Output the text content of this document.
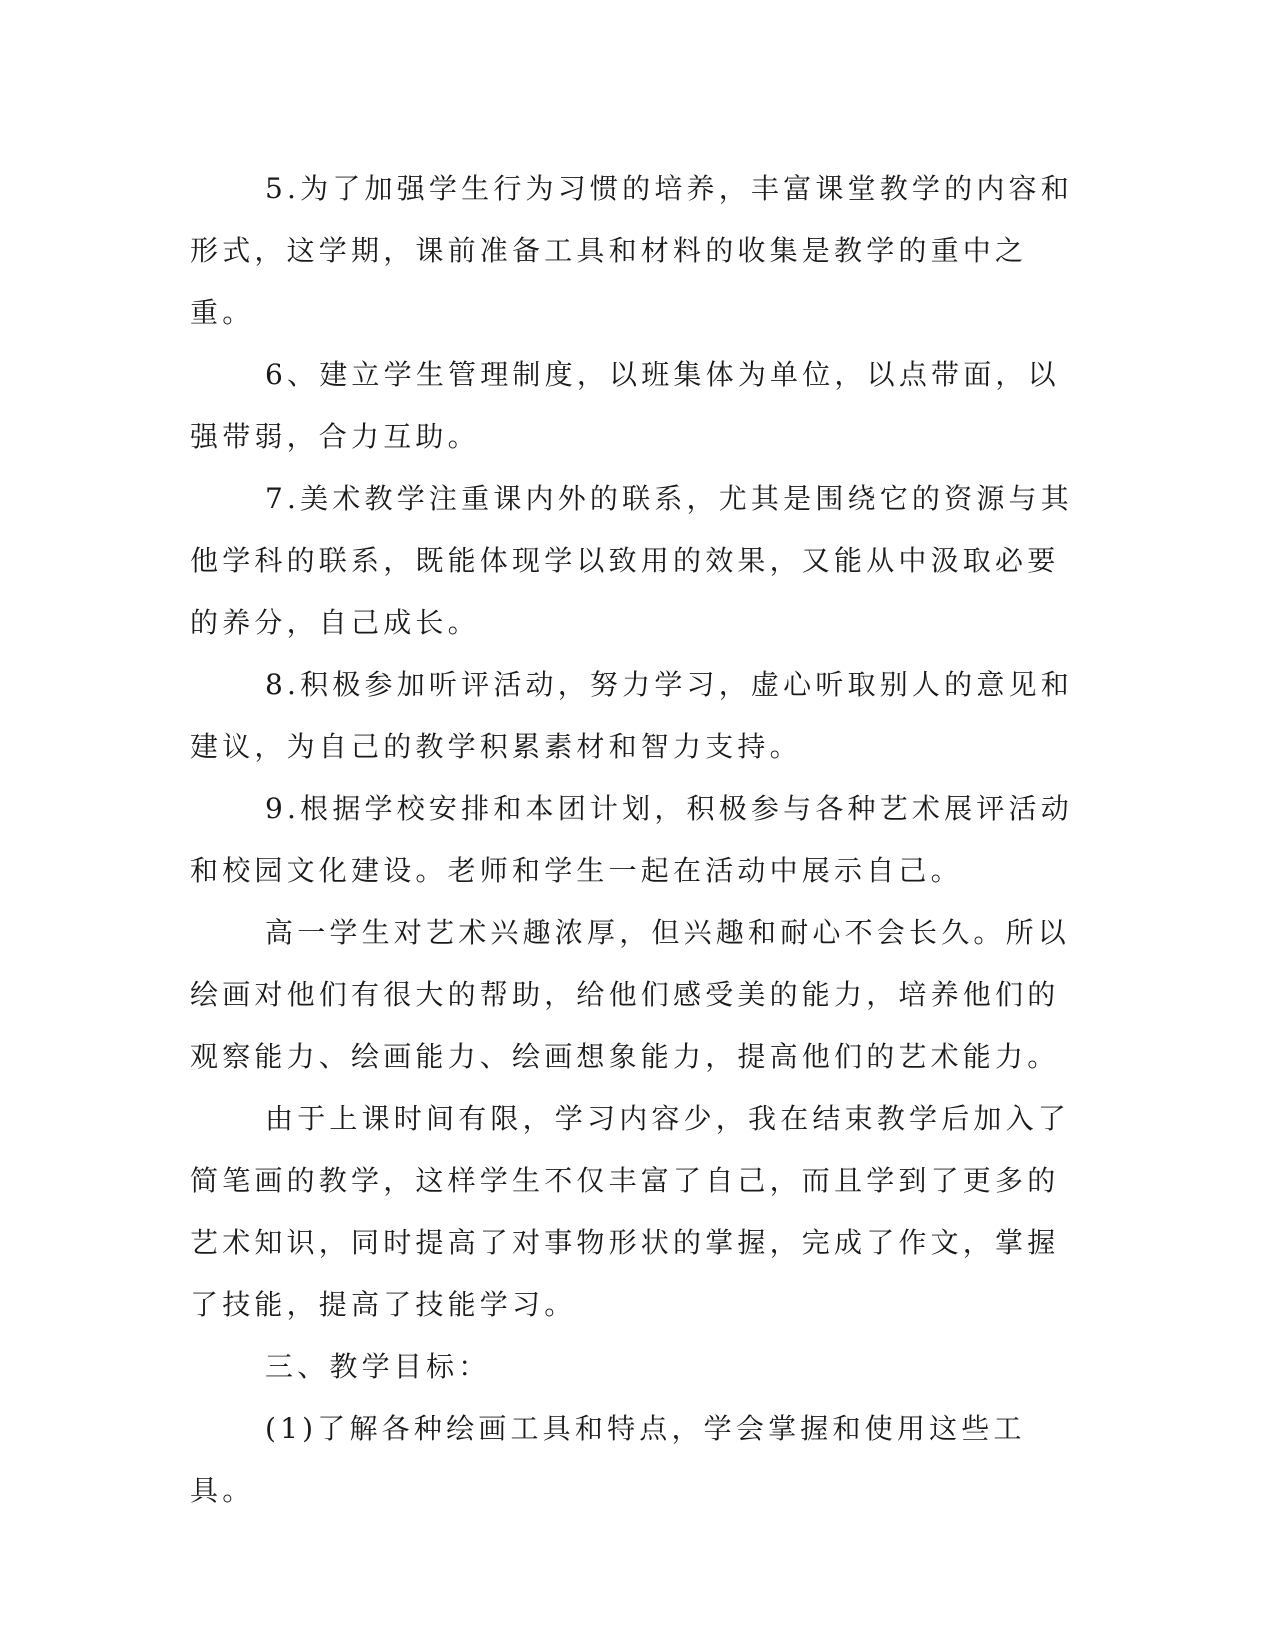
5.为了加强学生行为习惯的培养，丰富课堂教学的内容和形式，这学期，课前准备工具和材料的收集是教学的重中之重。

6、建立学生管理制度，以班集体为单位，以点带面，以强带弱，合力互助。

7.美术教学注重课内外的联系，尤其是围绕它的资源与其他学科的联系，既能体现学以致用的效果，又能从中汲取必要的养分，自己成长。

8.积极参加听评活动，努力学习，虚心听取别人的意见和建议，为自己的教学积累素材和智力支持。

9.根据学校安排和本团计划，积极参与各种艺术展评活动和校园文化建设。老师和学生一起在活动中展示自己。

高一学生对艺术兴趣浓厚，但兴趣和耐心不会长久。所以绘画对他们有很大的帮助，给他们感受美的能力，培养他们的观察能力、绘画能力、绘画想象能力，提高他们的艺术能力。

由于上课时间有限，学习内容少，我在结束教学后加入了简笔画的教学，这样学生不仅丰富了自己，而且学到了更多的艺术知识，同时提高了对事物形状的掌握，完成了作文，掌握了技能，提高了技能学习。

三、教学目标：

(1)了解各种绘画工具和特点，学会掌握和使用这些工具。
